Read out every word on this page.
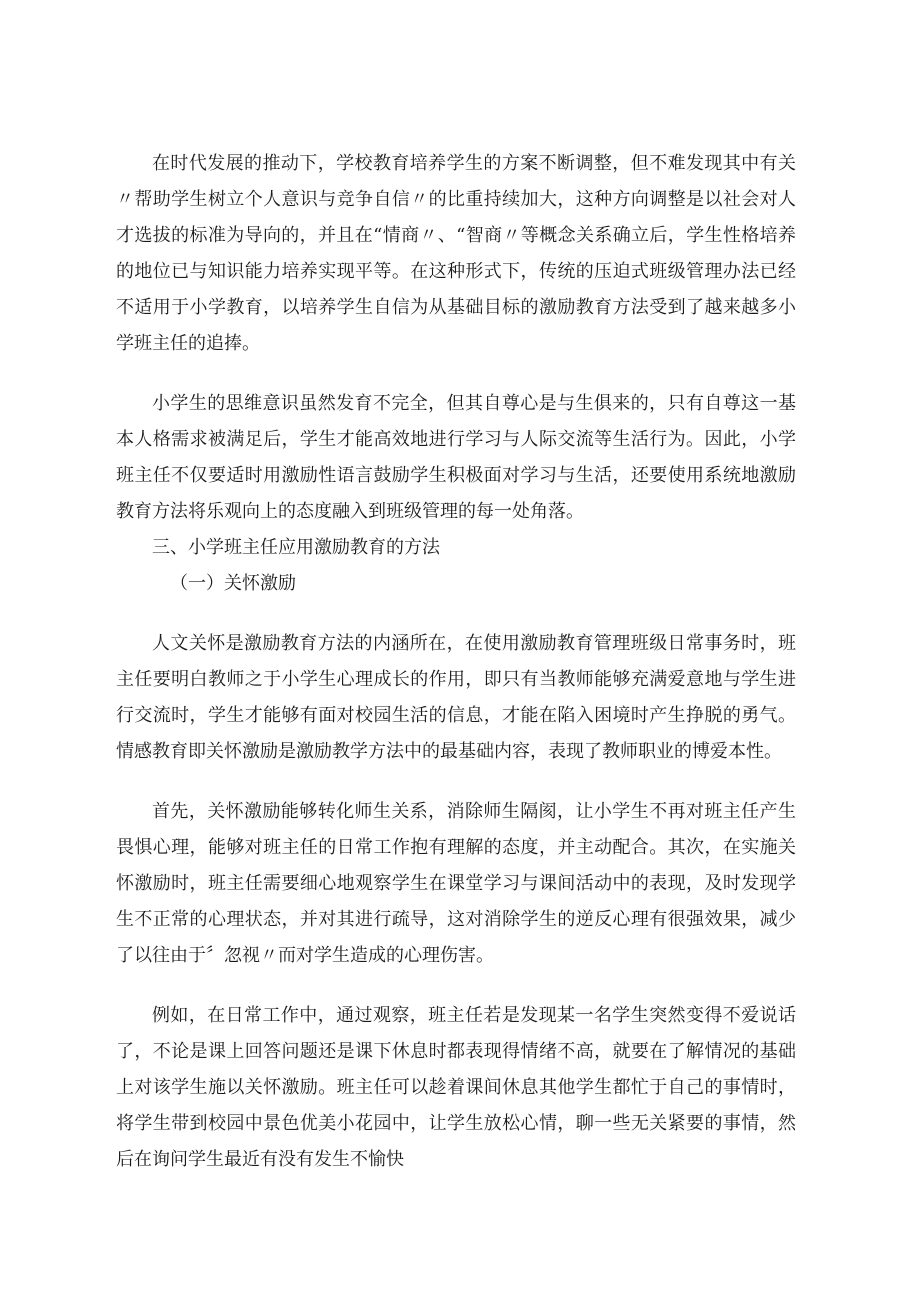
在时代发展的推动下，学校教育培养学生的方案不断调整，但不难发现其中有关〃帮助学生树立个人意识与竞争自信〃的比重持续加大，这种方向调整是以社会对人才选拔的标准为导向的，并且在“情商〃、“智商〃等概念关系确立后，学生性格培养的地位已与知识能力培养实现平等。在这种形式下，传统的压迫式班级管理办法已经不适用于小学教育，以培养学生自信为从基础目标的激励教育方法受到了越来越多小学班主任的追捧。

小学生的思维意识虽然发育不完全，但其自尊心是与生俱来的，只有自尊这一基本人格需求被满足后，学生才能高效地进行学习与人际交流等生活行为。因此，小学班主任不仅要适时用激励性语言鼓励学生积极面对学习与生活，还要使用系统地激励教育方法将乐观向上的态度融入到班级管理的每一处角落。

三、小学班主任应用激励教育的方法

（一）关怀激励

人文关怀是激励教育方法的内涵所在，在使用激励教育管理班级日常事务时，班主任要明白教师之于小学生心理成长的作用，即只有当教师能够充满爱意地与学生进行交流时，学生才能够有面对校园生活的信息，才能在陷入困境时产生挣脱的勇气。情感教育即关怀激励是激励教学方法中的最基础内容，表现了教师职业的博爱本性。

首先，关怀激励能够转化师生关系，消除师生隔阂，让小学生不再对班主任产生畏惧心理，能够对班主任的日常工作抱有理解的态度，并主动配合。其次，在实施关怀激励时，班主任需要细心地观察学生在课堂学习与课间活动中的表现，及时发现学生不正常的心理状态，并对其进行疏导，这对消除学生的逆反心理有很强效果，减少了以往由于〞忽视〃而对学生造成的心理伤害。

例如，在日常工作中，通过观察，班主任若是发现某一名学生突然变得不爱说话了，不论是课上回答问题还是课下休息时都表现得情绪不高，就要在了解情况的基础上对该学生施以关怀激励。班主任可以趁着课间休息其他学生都忙于自己的事情时，将学生带到校园中景色优美小花园中，让学生放松心情，聊一些无关紧要的事情，然后在询问学生最近有没有发生不愉快
